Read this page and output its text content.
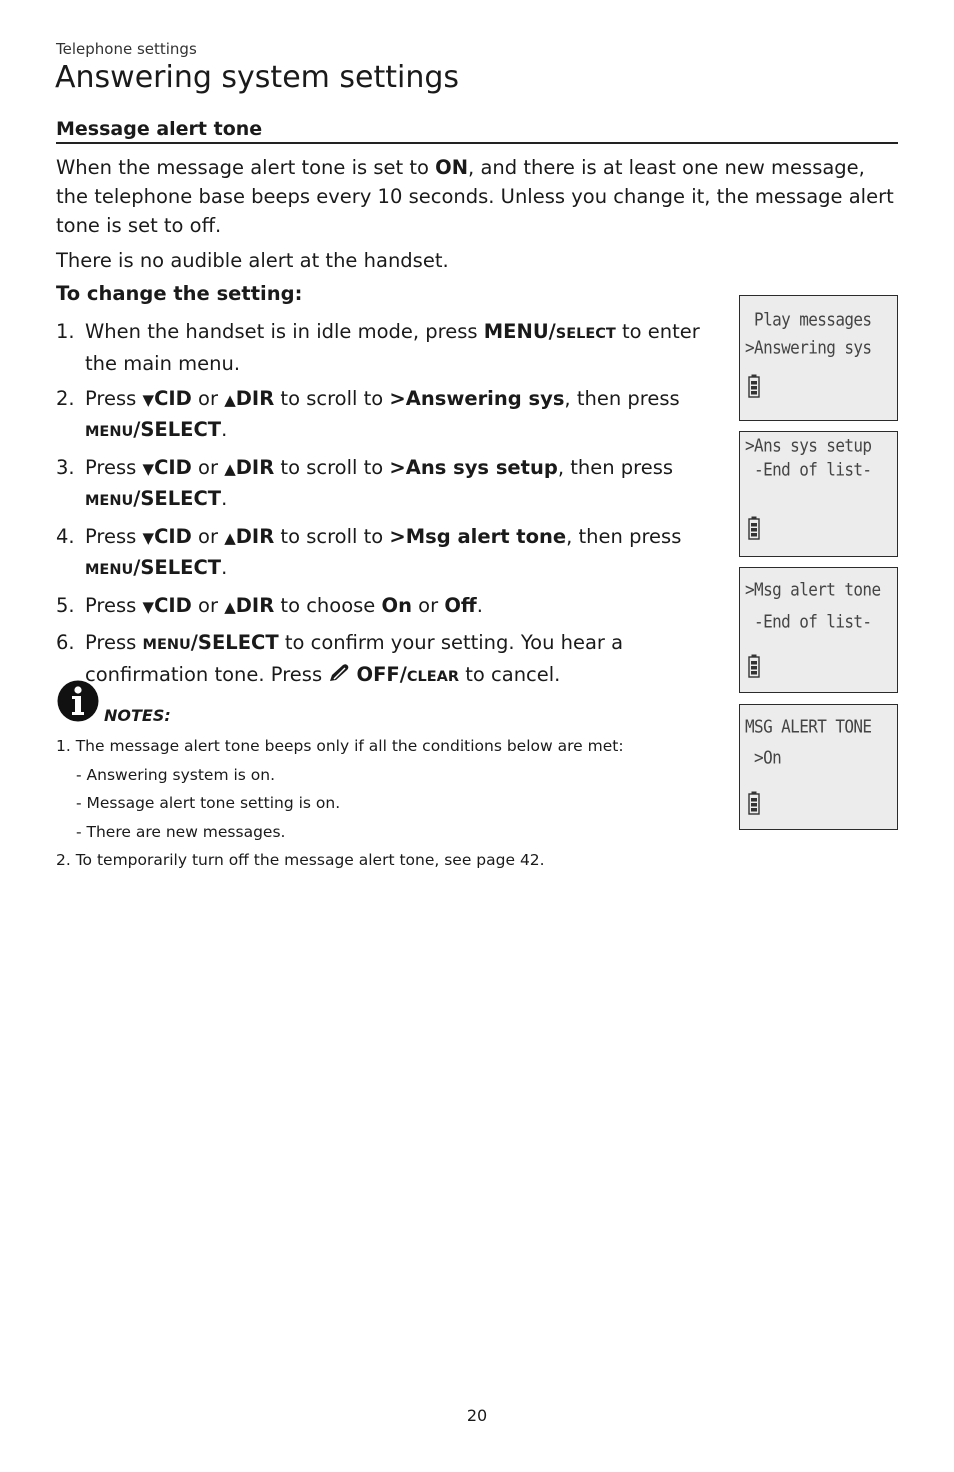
Telephone settings
Answering system settings
Message alert tone

When the message alert tone is set to ON, and there is at least one new message, the telephone base beeps every 10 seconds. Unless you change it, the message alert tone is set to off.

There is no audible alert at the handset.

To change the setting:

1. When the handset is in idle mode, press MENU/SELECT to enter the main menu.
2. Press ▼CID or ▲DIR to scroll to >Answering sys, then press MENU/SELECT.
3. Press ▼CID or ▲DIR to scroll to >Ans sys setup, then press MENU/SELECT.
4. Press ▼CID or ▲DIR to scroll to >Msg alert tone, then press MENU/SELECT.
5. Press ▼CID or ▲DIR to choose On or Off.
6. Press MENU/SELECT to confirm your setting. You hear a confirmation tone. Press  OFF/CLEAR to cancel.
NOTES:
1. The message alert tone beeps only if all the conditions below are met:
- Answering system is on.
- Message alert tone setting is on.
- There are new messages.
2. To temporarily turn off the message alert tone, see page 42.
Play messages
>Answering sys
>Ans sys setup
-End of list-
>Msg alert tone
-End of list-
MSG ALERT TONE
>On
20
